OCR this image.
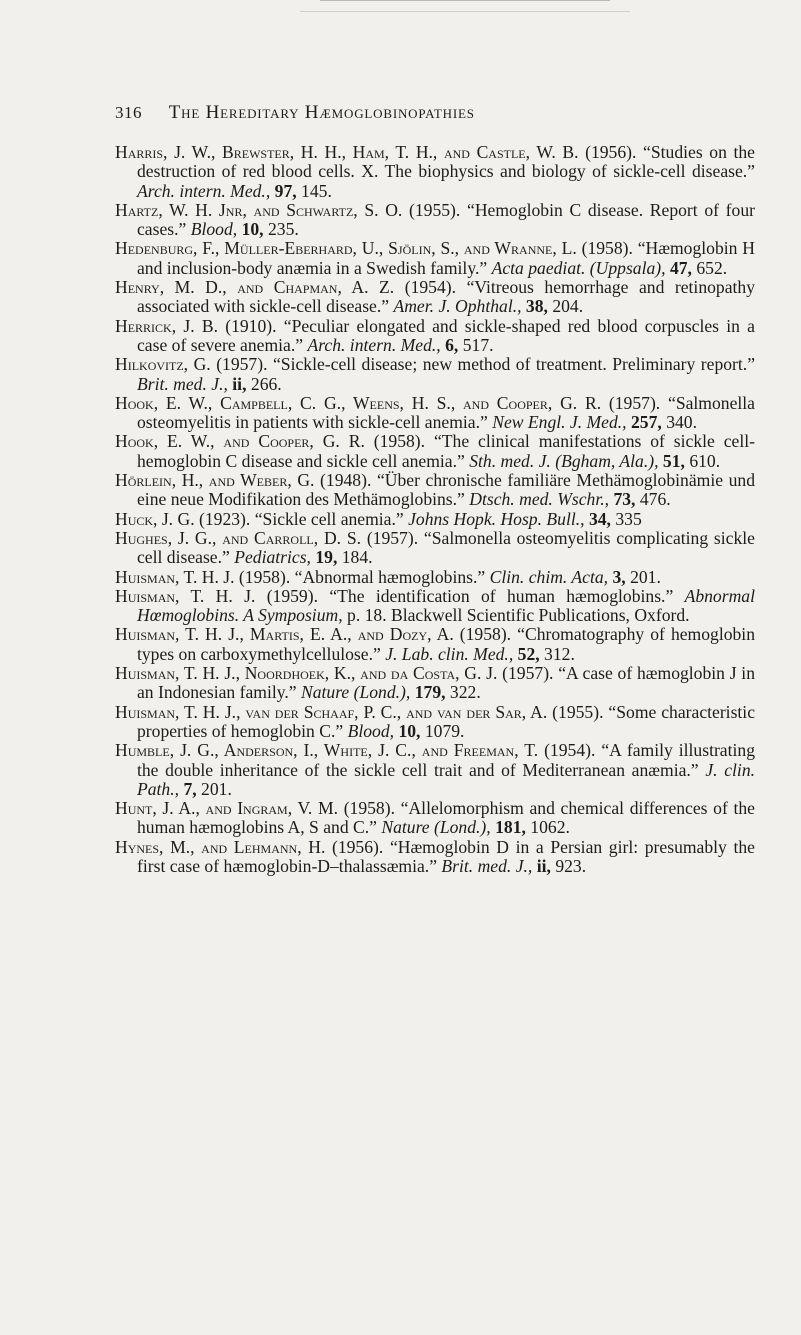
316 The Hereditary Hæmoglobinopathies

Harris, J. W., Brewster, H. H., Ham, T. H., and Castle, W. B. (1956). “Studies on the destruction of red blood cells. X. The biophysics and biology of sickle-cell disease.” Arch. intern. Med., 97, 145.

Hartz, W. H. Jnr, and Schwartz, S. O. (1955). “Hemoglobin C disease. Report of four cases.” Blood, 10, 235.

Hedenburg, F., Müller-Eberhard, U., Sjölin, S., and Wranne, L. (1958). “Hæmoglobin H and inclusion-body anæmia in a Swedish family.” Acta paediat. (Uppsala), 47, 652.

Henry, M. D., and Chapman, A. Z. (1954). “Vitreous hemorrhage and retinopathy associated with sickle-cell disease.” Amer. J. Ophthal., 38, 204.

Herrick, J. B. (1910). “Peculiar elongated and sickle-shaped red blood corpuscles in a case of severe anemia.” Arch. intern. Med., 6, 517.

Hilkovitz, G. (1957). “Sickle-cell disease; new method of treatment. Preliminary report.” Brit. med. J., ii, 266.

Hook, E. W., Campbell, C. G., Weens, H. S., and Cooper, G. R. (1957). “Salmonella osteomyelitis in patients with sickle-cell anemia.” New Engl. J. Med., 257, 340.

Hook, E. W., and Cooper, G. R. (1958). “The clinical manifestations of sickle cell-hemoglobin C disease and sickle cell anemia.” Sth. med. J. (Bgham, Ala.), 51, 610.

Hörlein, H., and Weber, G. (1948). “Über chronische familiäre Methämoglobinämie und eine neue Modifikation des Methämoglobins.” Dtsch. med. Wschr., 73, 476.

Huck, J. G. (1923). “Sickle cell anemia.” Johns Hopk. Hosp. Bull., 34, 335

Hughes, J. G., and Carroll, D. S. (1957). “Salmonella osteomyelitis complicating sickle cell disease.” Pediatrics, 19, 184.

Huisman, T. H. J. (1958). “Abnormal hæmoglobins.” Clin. chim. Acta, 3, 201.

Huisman, T. H. J. (1959). “The identification of human hæmoglobins.” Abnormal Hœmoglobins. A Symposium, p. 18. Blackwell Scientific Publications, Oxford.

Huisman, T. H. J., Martis, E. A., and Dozy, A. (1958). “Chromatography of hemoglobin types on carboxymethylcellulose.” J. Lab. clin. Med., 52, 312.

Huisman, T. H. J., Noordhoek, K., and da Costa, G. J. (1957). “A case of hæmoglobin J in an Indonesian family.” Nature (Lond.), 179, 322.

Huisman, T. H. J., van der Schaaf, P. C., and van der Sar, A. (1955). “Some characteristic properties of hemoglobin C.” Blood, 10, 1079.

Humble, J. G., Anderson, I., White, J. C., and Freeman, T. (1954). “A family illustrating the double inheritance of the sickle cell trait and of Mediterranean anæmia.” J. clin. Path., 7, 201.

Hunt, J. A., and Ingram, V. M. (1958). “Allelomorphism and chemical differences of the human hæmoglobins A, S and C.” Nature (Lond.), 181, 1062.

Hynes, M., and Lehmann, H. (1956). “Hæmoglobin D in a Persian girl: presumably the first case of hæmoglobin-D–thalassæmia.” Brit. med. J., ii, 923.
